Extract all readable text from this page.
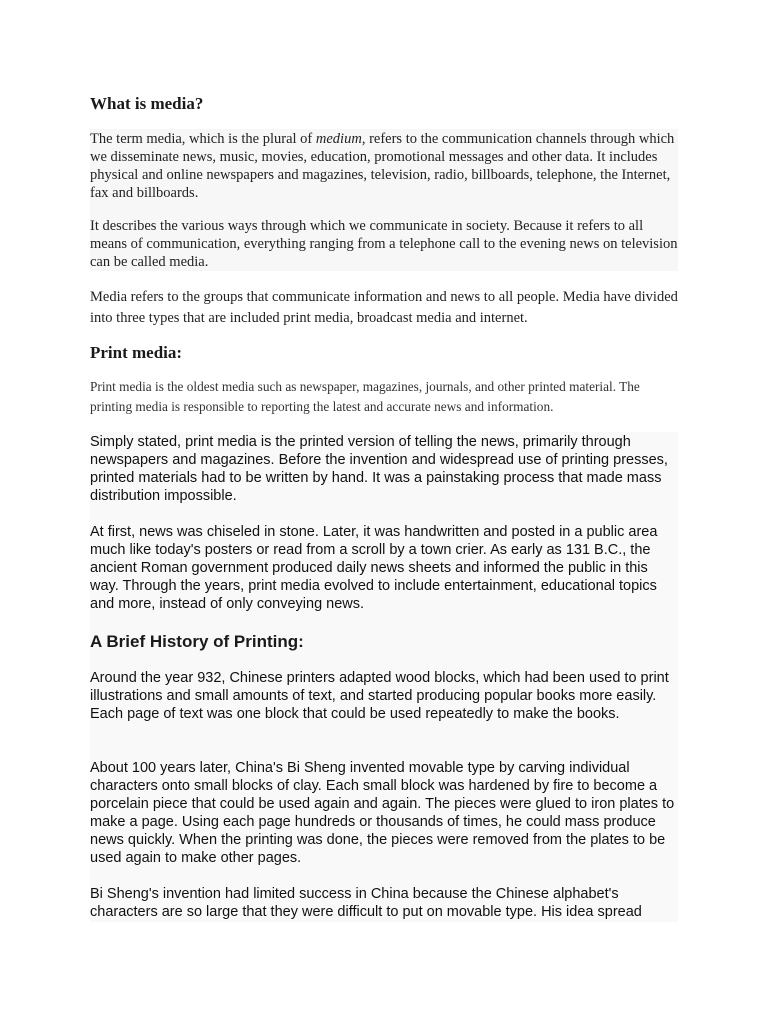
What is media?

The term media, which is the plural of medium, refers to the communication channels through which we disseminate news, music, movies, education, promotional messages and other data. It includes physical and online newspapers and magazines, television, radio, billboards, telephone, the Internet, fax and billboards.

It describes the various ways through which we communicate in society. Because it refers to all means of communication, everything ranging from a telephone call to the evening news on television can be called media.

Media refers to the groups that communicate information and news to all people. Media have divided into three types that are included print media, broadcast media and internet.

Print media:

Print media is the oldest media such as newspaper, magazines, journals, and other printed material. The printing media is responsible to reporting the latest and accurate news and information.

Simply stated, print media is the printed version of telling the news, primarily through newspapers and magazines. Before the invention and widespread use of printing presses, printed materials had to be written by hand. It was a painstaking process that made mass distribution impossible.

At first, news was chiseled in stone. Later, it was handwritten and posted in a public area much like today's posters or read from a scroll by a town crier. As early as 131 B.C., the ancient Roman government produced daily news sheets and informed the public in this way. Through the years, print media evolved to include entertainment, educational topics and more, instead of only conveying news.

A Brief History of Printing:

Around the year 932, Chinese printers adapted wood blocks, which had been used to print illustrations and small amounts of text, and started producing popular books more easily. Each page of text was one block that could be used repeatedly to make the books.

About 100 years later, China's Bi Sheng invented movable type by carving individual characters onto small blocks of clay. Each small block was hardened by fire to become a porcelain piece that could be used again and again. The pieces were glued to iron plates to make a page. Using each page hundreds or thousands of times, he could mass produce news quickly. When the printing was done, the pieces were removed from the plates to be used again to make other pages.

Bi Sheng's invention had limited success in China because the Chinese alphabet's characters are so large that they were difficult to put on movable type. His idea spread
